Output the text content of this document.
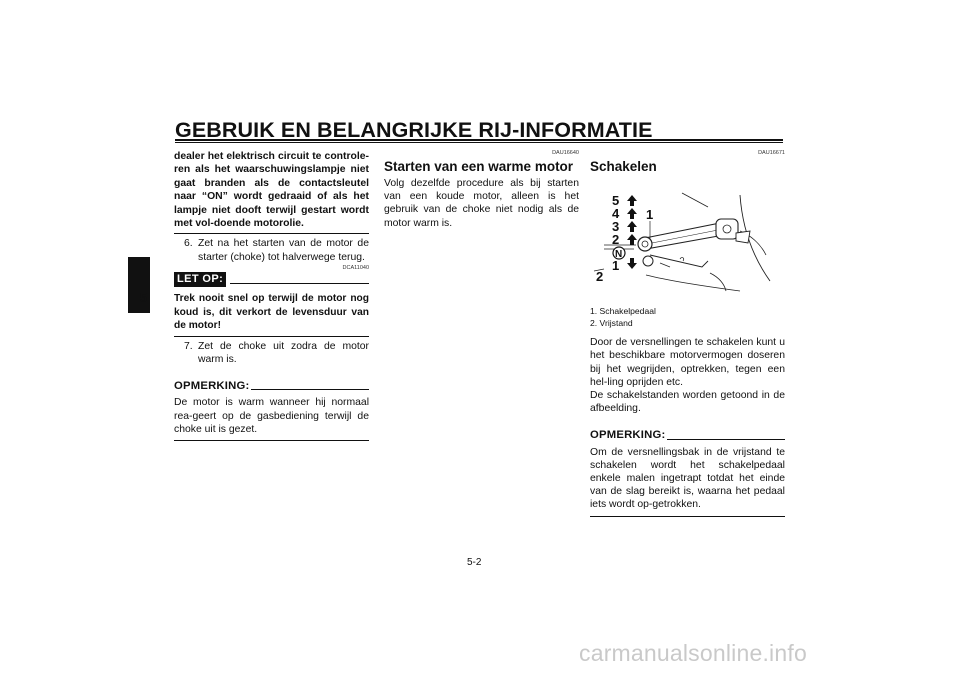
GEBRUIK EN BELANGRIJKE RIJ-INFORMATIE
5

dealer het elektrisch circuit te controle-ren als het waarschuwingslampje niet gaat branden als de contactsleutel naar “ON” wordt gedraaid of als het lampje niet dooft terwijl gestart wordt met vol-doende motorolie.

6. Zet na het starten van de motor de starter (choke) tot halverwege terug.
DCA11040
LET OP:

Trek nooit snel op terwijl de motor nog koud is, dit verkort de levensduur van de motor!

7. Zet de choke uit zodra de motor warm is.
OPMERKING:

De motor is warm wanneer hij normaal rea-geert op de gasbediening terwijl de choke uit is gezet.

DAU16640
Starten van een warme motor

Volg dezelfde procedure als bij starten van een koude motor, alleen is het gebruik van de choke niet nodig als de motor warm is.

DAU16671
Schakelen
5
4
3
2
N
1
1
2
1. Schakelpedaal
2. Vrijstand

Door de versnellingen te schakelen kunt u het beschikbare motorvermogen doseren bij het wegrijden, optrekken, tegen een hel-ling oprijden etc.

De schakelstanden worden getoond in de afbeelding.

OPMERKING:

Om de versnellingsbak in de vrijstand te schakelen wordt het schakelpedaal enkele malen ingetrapt totdat het einde van de slag bereikt is, waarna het pedaal iets wordt op-getrokken.

5-2
carmanualsonline.info
